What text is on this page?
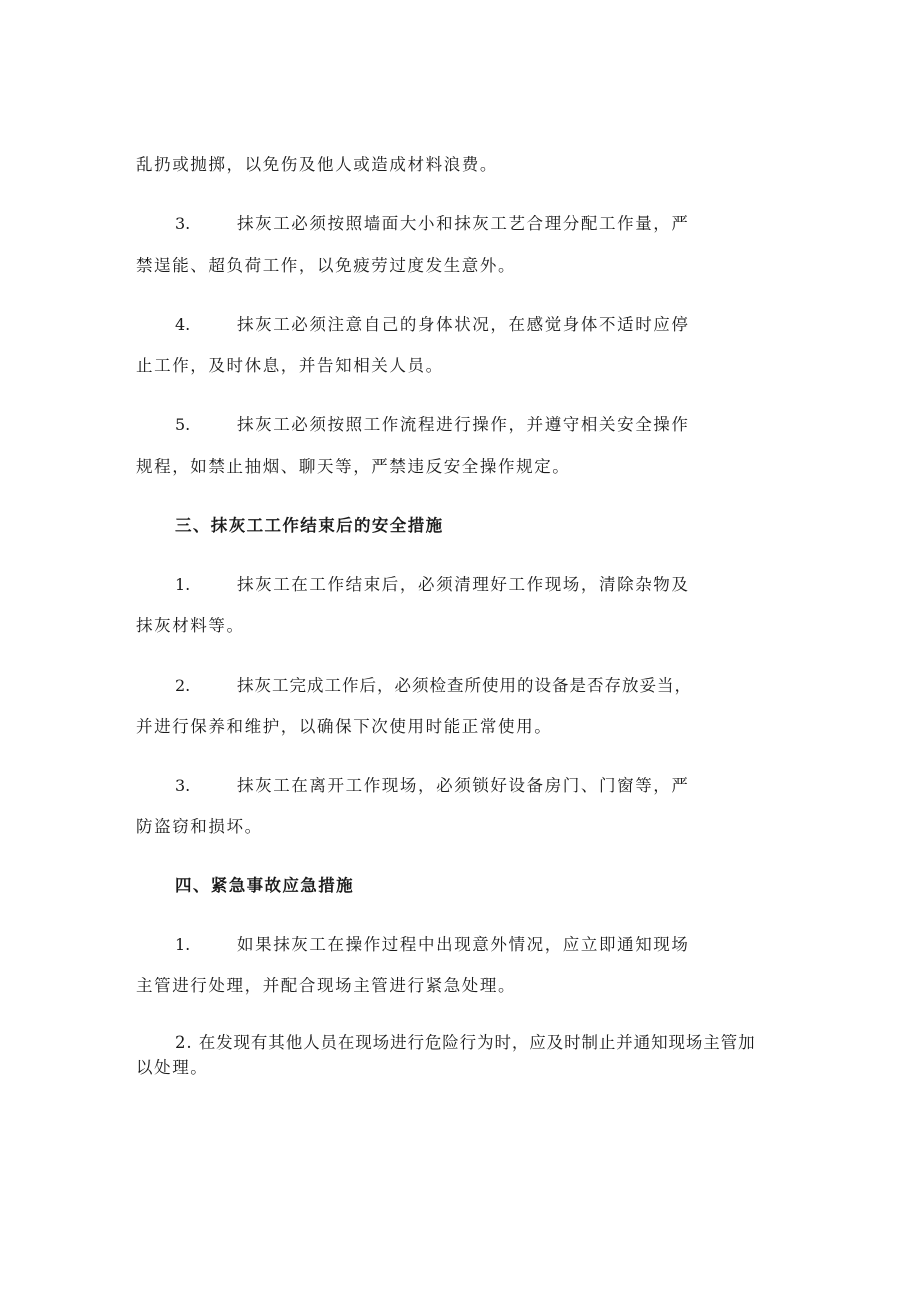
乱扔或抛掷，以免伤及他人或造成材料浪费。
3.	抹灰工必须按照墙面大小和抹灰工艺合理分配工作量，严
禁逞能、超负荷工作，以免疲劳过度发生意外。
4.	抹灰工必须注意自己的身体状况，在感觉身体不适时应停
止工作，及时休息，并告知相关人员。
5.	抹灰工必须按照工作流程进行操作，并遵守相关安全操作
规程，如禁止抽烟、聊天等，严禁违反安全操作规定。
三、抹灰工工作结束后的安全措施
1.	抹灰工在工作结束后，必须清理好工作现场，清除杂物及
抹灰材料等。
2.	抹灰工完成工作后，必须检查所使用的设备是否存放妥当，
并进行保养和维护，以确保下次使用时能正常使用。
3.	抹灰工在离开工作现场，必须锁好设备房门、门窗等，严
防盗窃和损坏。
四、紧急事故应急措施
1.	如果抹灰工在操作过程中出现意外情况，应立即通知现场
主管进行处理，并配合现场主管进行紧急处理。
2. 在发现有其他人员在现场进行危险行为时，应及时制止并通知现场主管加
以处理。
